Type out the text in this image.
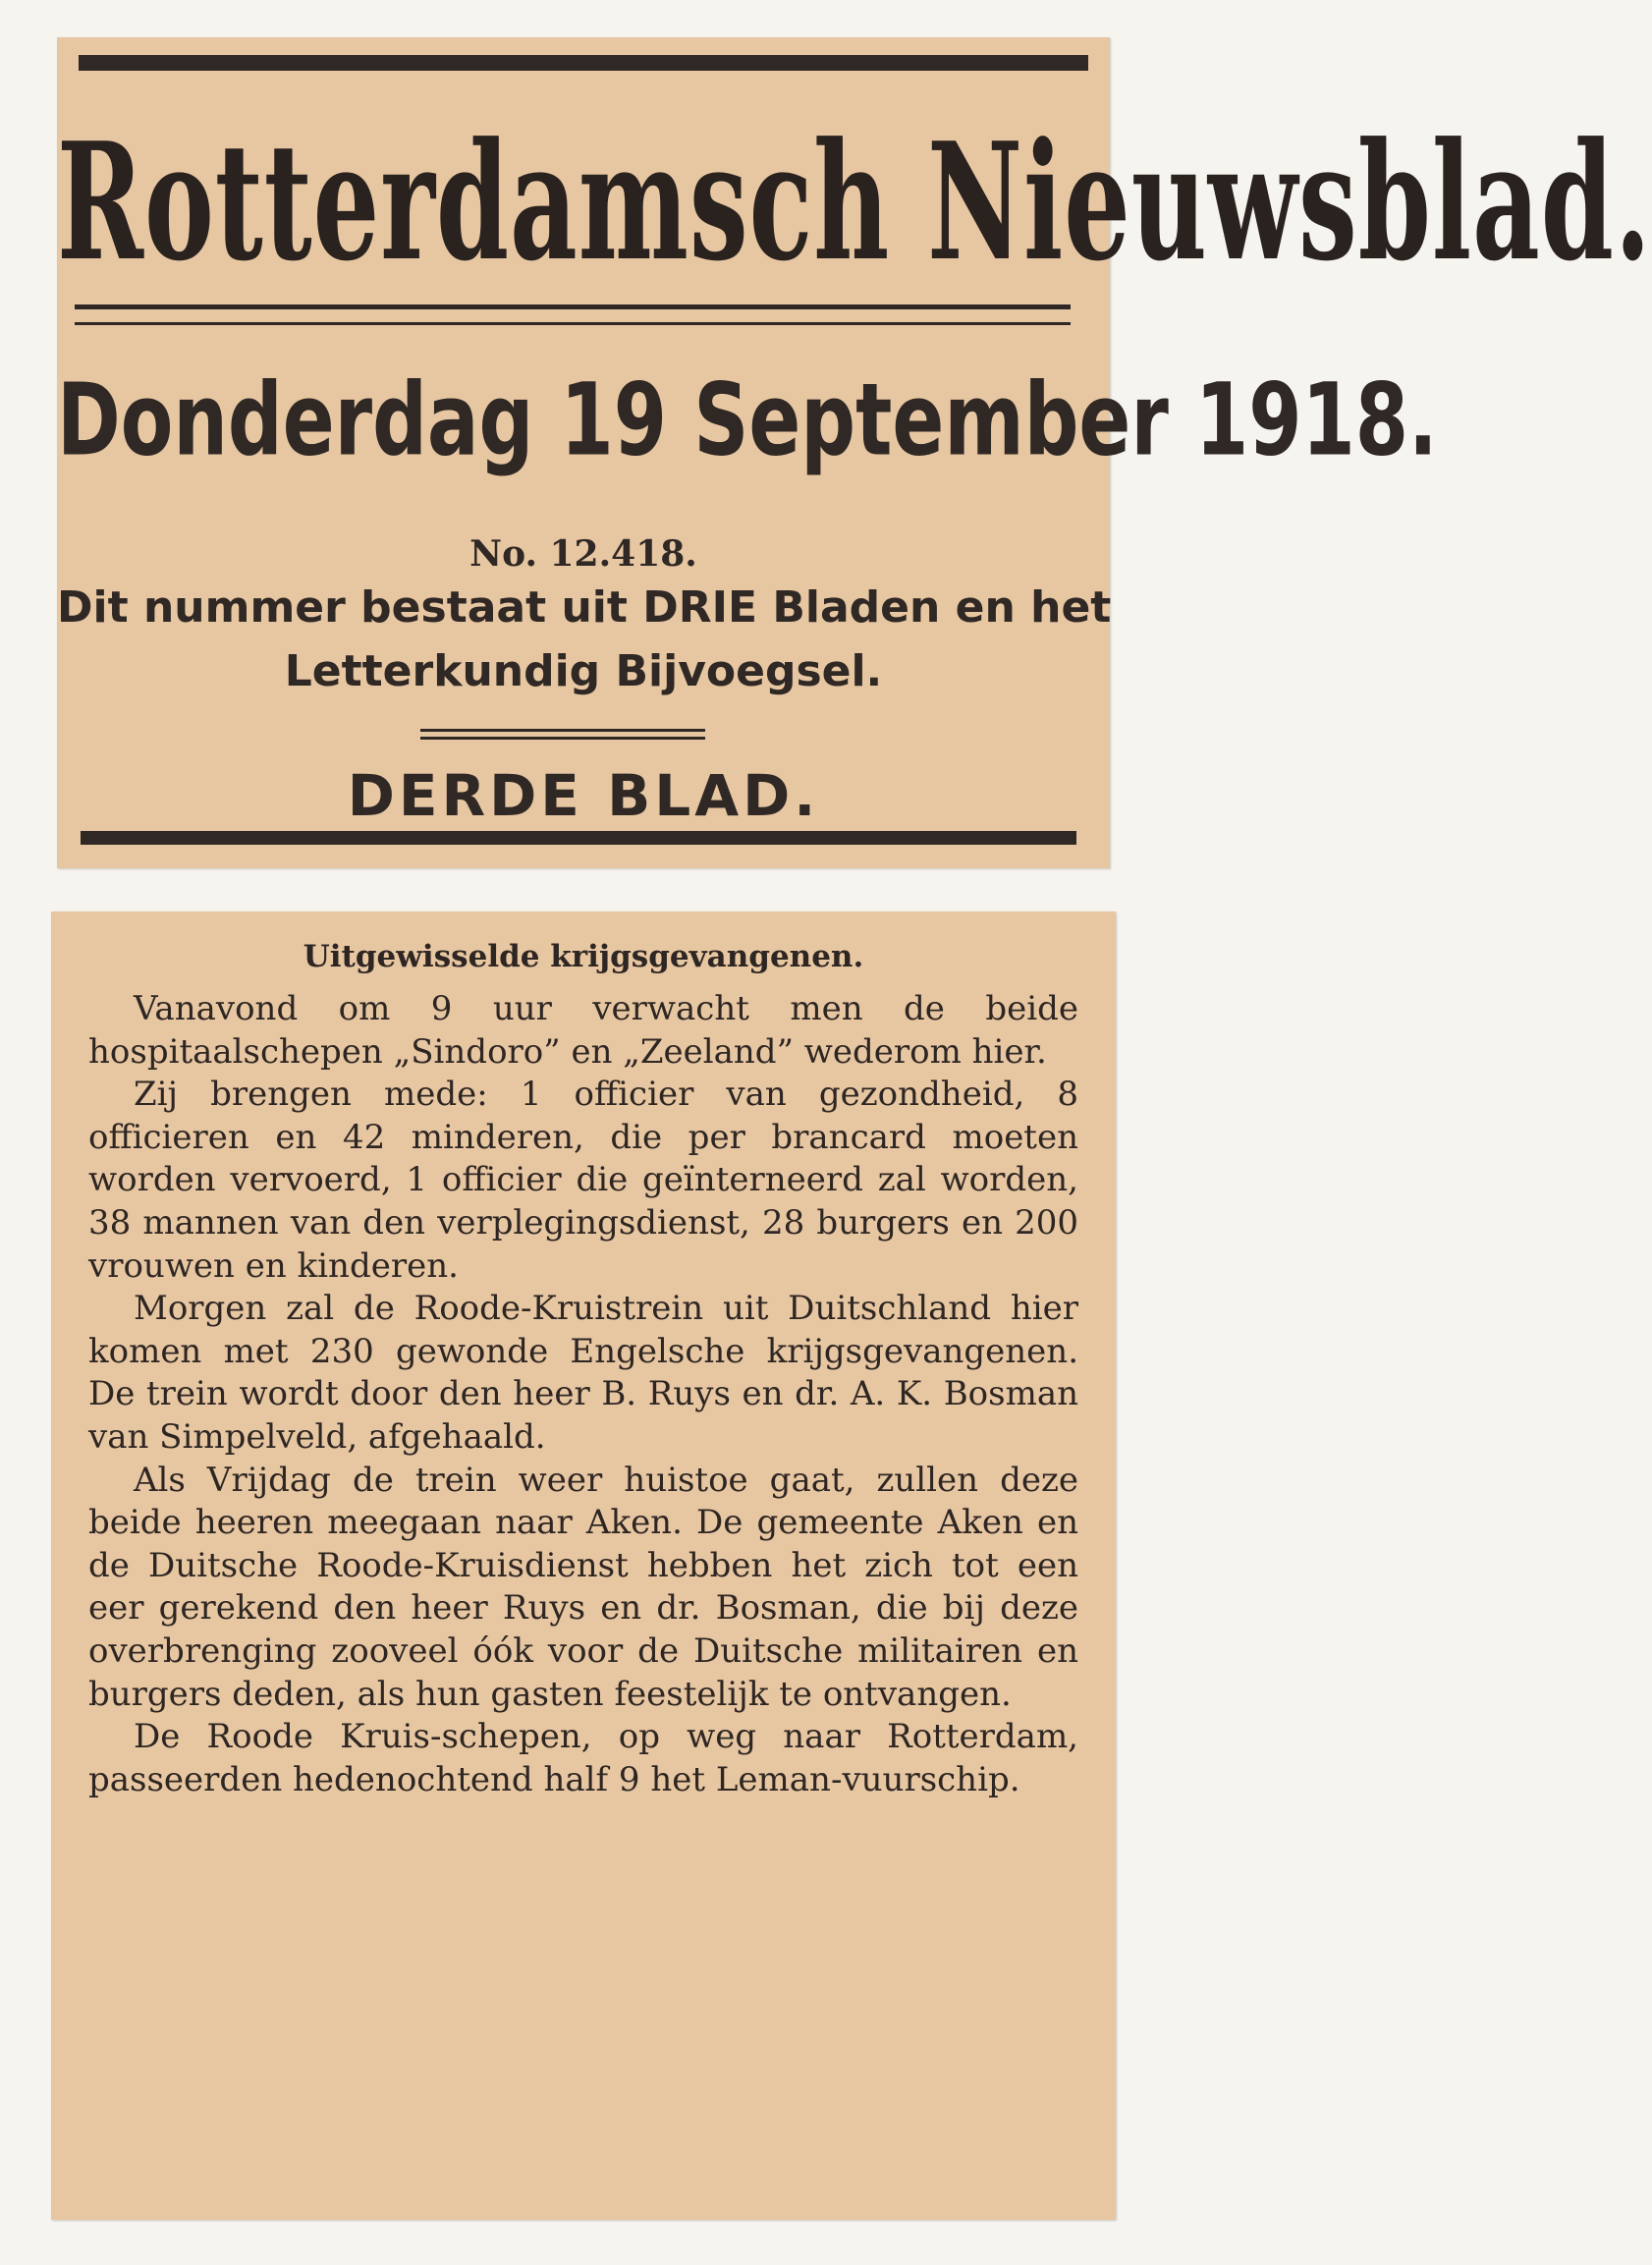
Rotterdamsch Nieuwsblad.
Donderdag 19 September 1918.
No. 12.418.
Dit nummer bestaat uit DRIE Bladen en het
Letterkundig Bijvoegsel.
DERDE BLAD.
Uitgewisselde krijgsgevangenen.

Vanavond om 9 uur verwacht men de beide hospitaalschepen „Sindoro” en „Zeeland” wederom hier.

Zij brengen mede: 1 officier van gezondheid, 8 officieren en 42 minderen, die per brancard moeten worden vervoerd, 1 officier die geïnterneerd zal worden, 38 mannen van den verplegingsdienst, 28 burgers en 200 vrouwen en kinderen.

Morgen zal de Roode-Kruistrein uit Duitschland hier komen met 230 gewonde Engelsche krijgsgevangenen. De trein wordt door den heer B. Ruys en dr. A. K. Bosman van Simpelveld, afgehaald.

Als Vrijdag de trein weer huistoe gaat, zullen deze beide heeren meegaan naar Aken. De gemeente Aken en de Duitsche Roode-Kruisdienst hebben het zich tot een eer gerekend den heer Ruys en dr. Bosman, die bij deze overbrenging zooveel óók voor de Duitsche militairen en burgers deden, als hun gasten feestelijk te ontvangen.

De Roode Kruis-schepen, op weg naar Rotterdam, passeerden hedenochtend half 9 het Leman-vuurschip.
